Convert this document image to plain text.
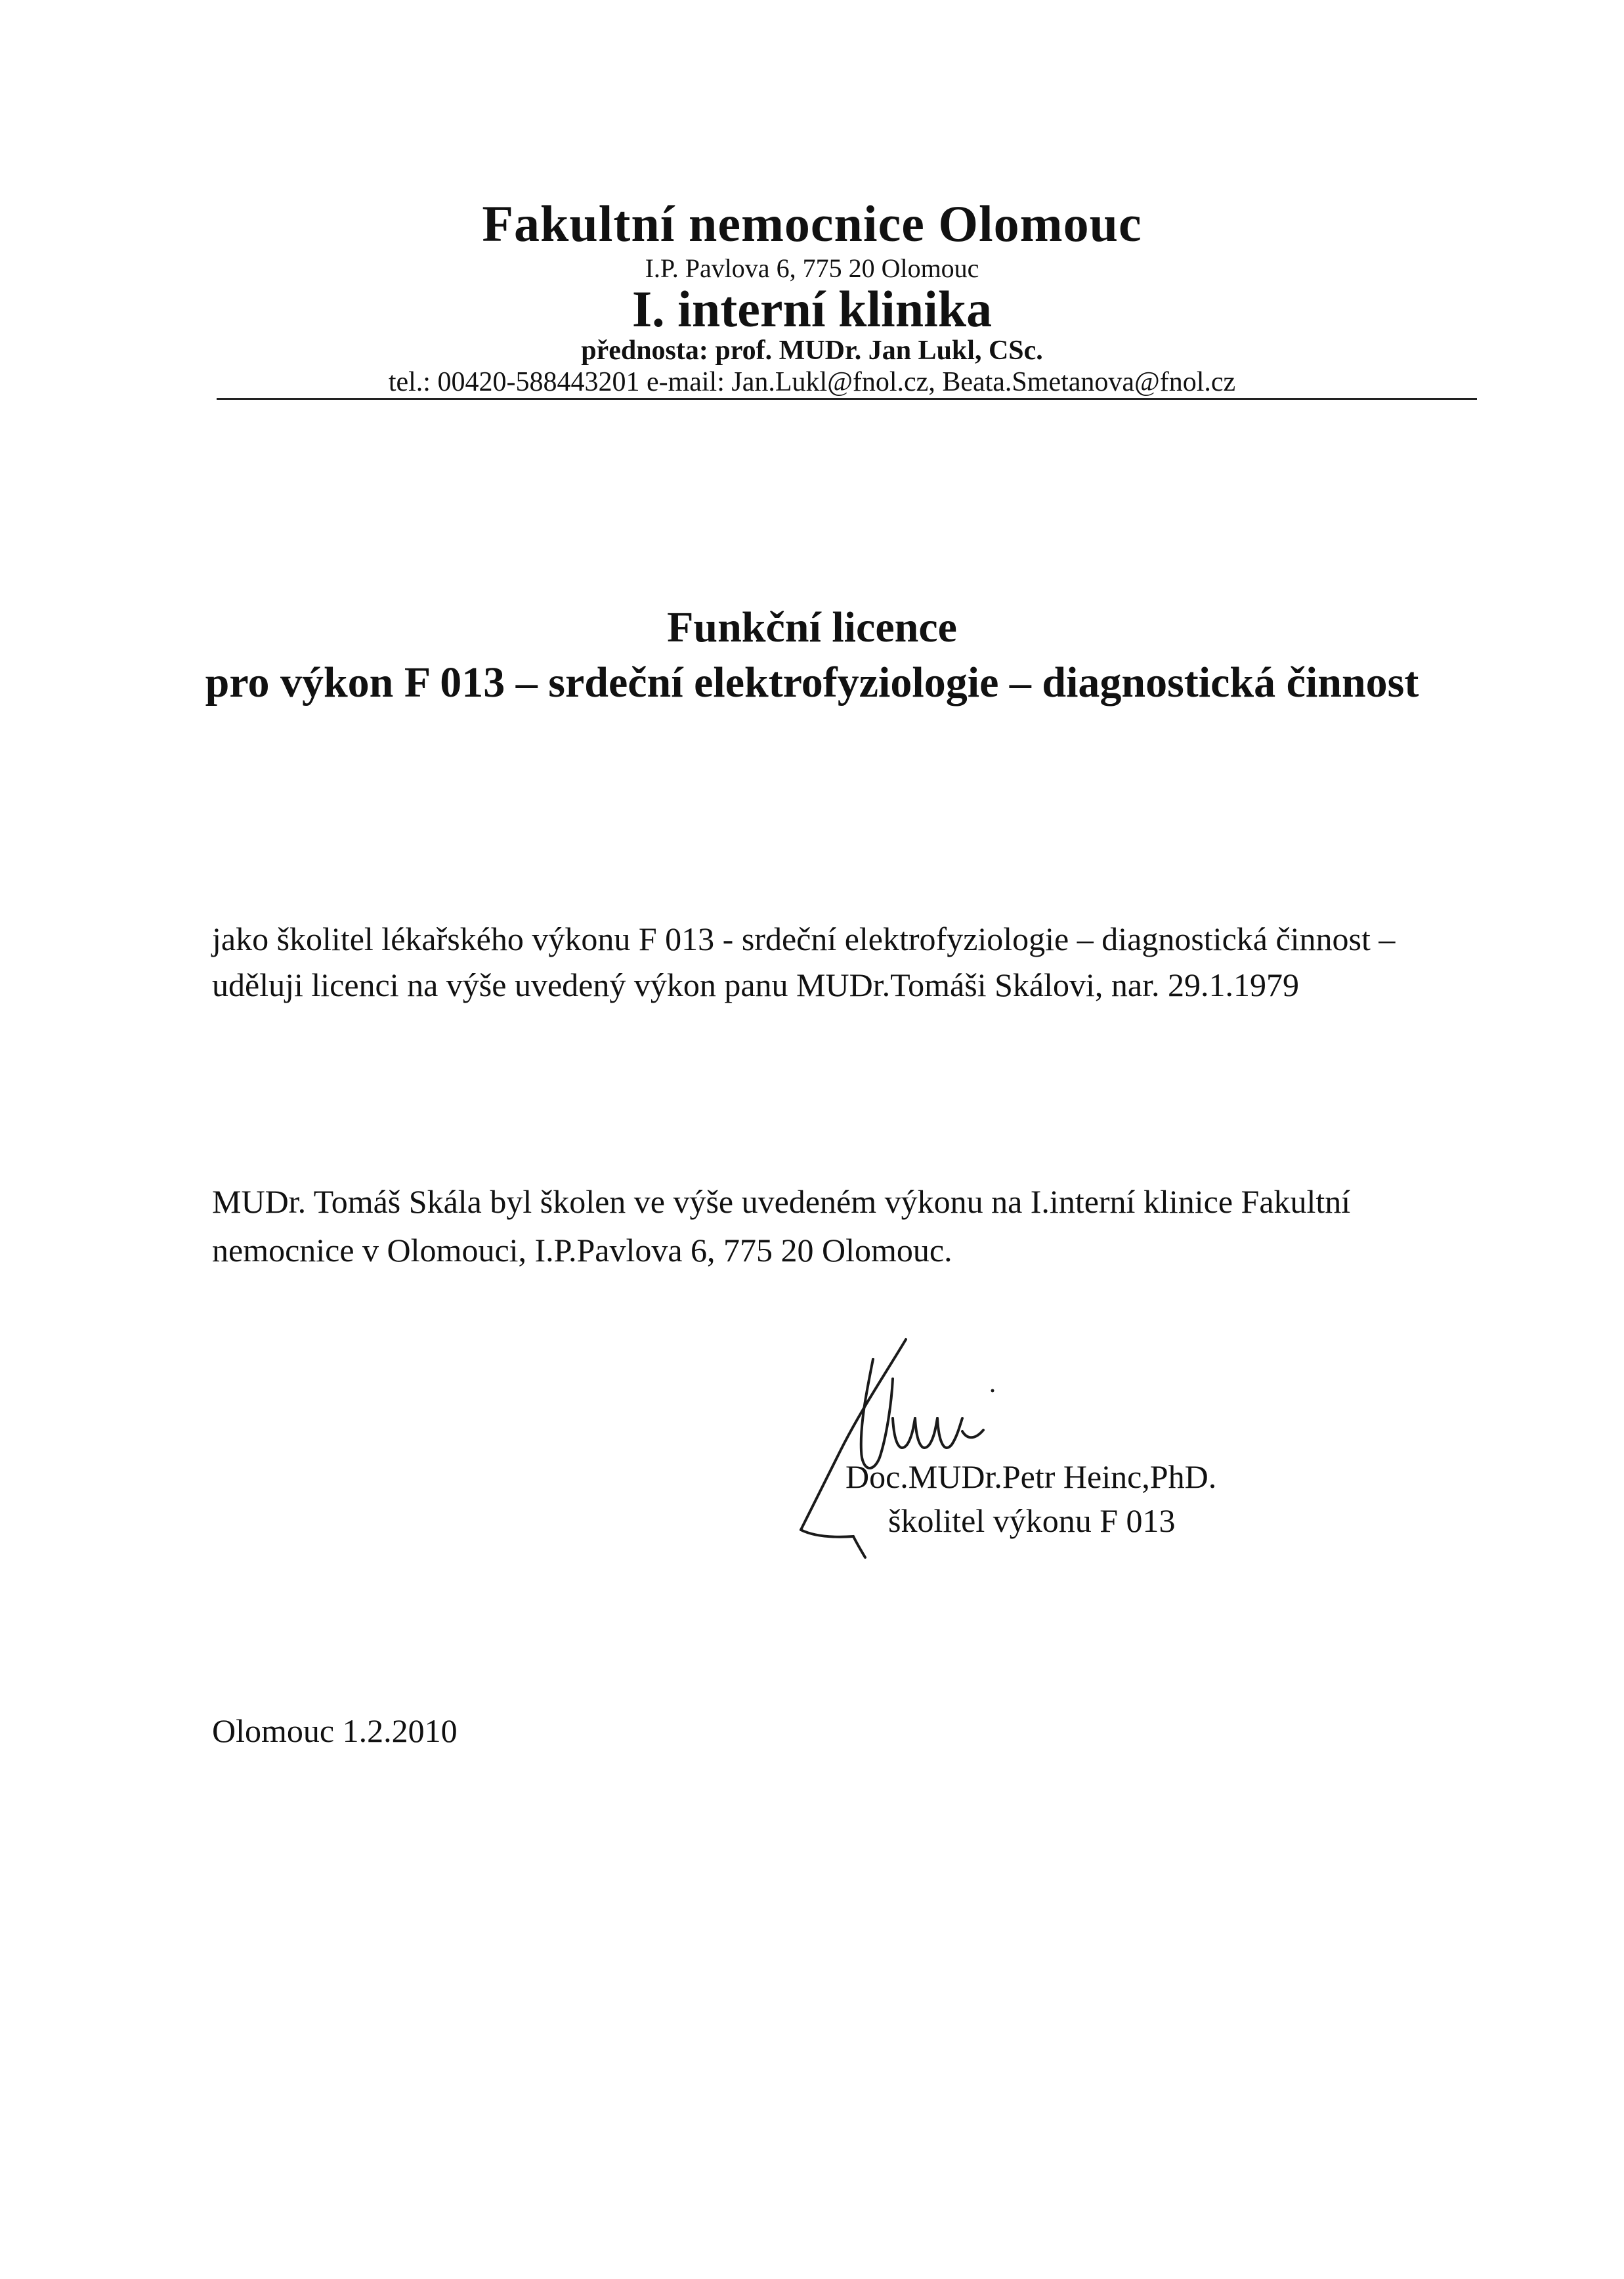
Fakultní nemocnice Olomouc
I.P. Pavlova 6, 775 20 Olomouc
I. interní klinika
přednosta: prof. MUDr. Jan Lukl, CSc.
tel.: 00420-588443201 e-mail: Jan.Lukl@fnol.cz, Beata.Smetanova@fnol.cz
Funkční licence
pro výkon F 013 – srdeční elektrofyziologie – diagnostická činnost
jako školitel lékařského výkonu F 013 - srdeční elektrofyziologie – diagnostická činnost –
uděluji licenci na výše uvedený výkon panu MUDr.Tomáši Skálovi, nar. 29.1.1979
MUDr. Tomáš Skála byl školen ve výše uvedeném výkonu na I.interní klinice Fakultní
nemocnice v Olomouci, I.P.Pavlova 6, 775 20 Olomouc.
Doc.MUDr.Petr Heinc,PhD.
školitel výkonu F 013
Olomouc 1.2.2010
